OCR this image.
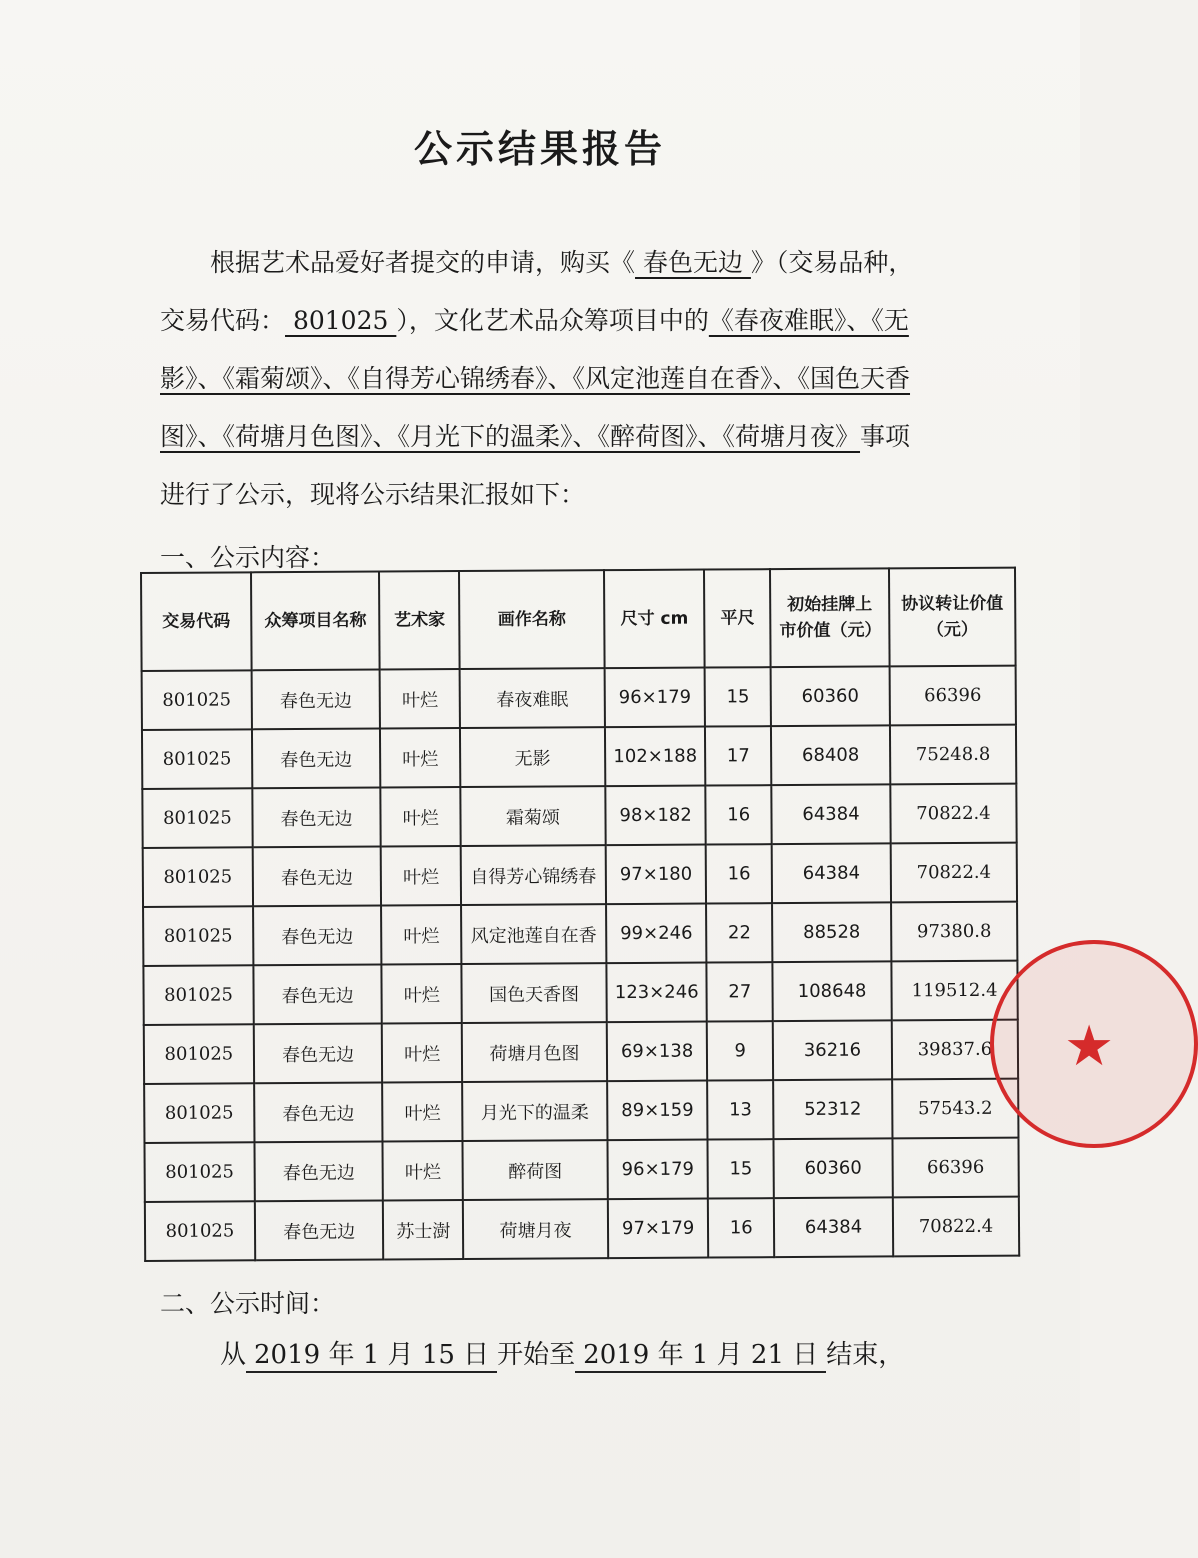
公示结果报告
根据艺术品爱好者提交的申请，购买《 春色无边 》（交易品种，交易代码： 801025 ），文化艺术品众筹项目中的《春夜难眠》、《无影》、《霜菊颂》、《自得芳心锦绣春》、《风定池莲自在香》、《国色天香图》、《荷塘月色图》、《月光下的温柔》、《醉荷图》、《荷塘月夜》事项进行了公示，现将公示结果汇报如下：
一、公示内容：
交易代码	众筹项目名称	艺术家	画作名称	尺寸 cm	平尺	初始挂牌上市价值（元）	协议转让价值（元）
801025	春色无边	叶烂	春夜难眠	96×179	15	60360	66396
801025	春色无边	叶烂	无影	102×188	17	68408	75248.8
801025	春色无边	叶烂	霜菊颂	98×182	16	64384	70822.4
801025	春色无边	叶烂	自得芳心锦绣春	97×180	16	64384	70822.4
801025	春色无边	叶烂	风定池莲自在香	99×246	22	88528	97380.8
801025	春色无边	叶烂	国色天香图	123×246	27	108648	119512.4
801025	春色无边	叶烂	荷塘月色图	69×138	9	36216	39837.6
801025	春色无边	叶烂	月光下的温柔	89×159	13	52312	57543.2
801025	春色无边	叶烂	醉荷图	96×179	15	60360	66396
801025	春色无边	苏士澍	荷塘月夜	97×179	16	64384	70822.4
二、公示时间：
从2019 年 1 月 15 日开始至2019 年 1 月 21 日结束，
★
